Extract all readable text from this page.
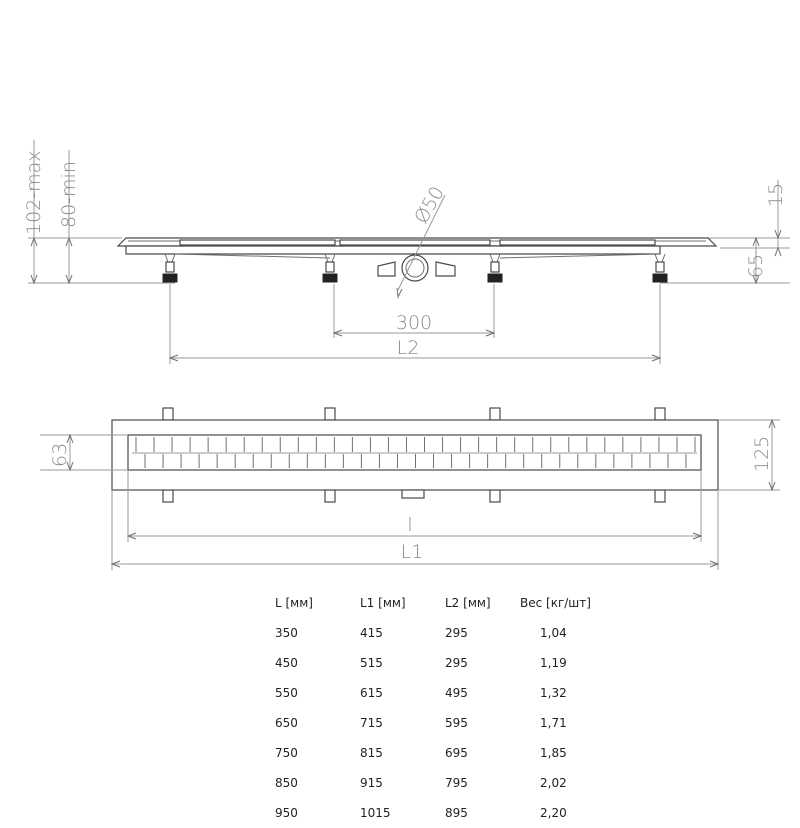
102-max 80-min	15
65
Ø50
300
L2
63	125
l
L1
L [мм]	L1 [мм]	L2 [мм]	Вес [кг/шт]
350	415	295	1,04
450	515	295	1,19
550	615	495	1,32
650	715	595	1,71
750	815	695	1,85
850	915	795	2,02
950	1015	895	2,20
